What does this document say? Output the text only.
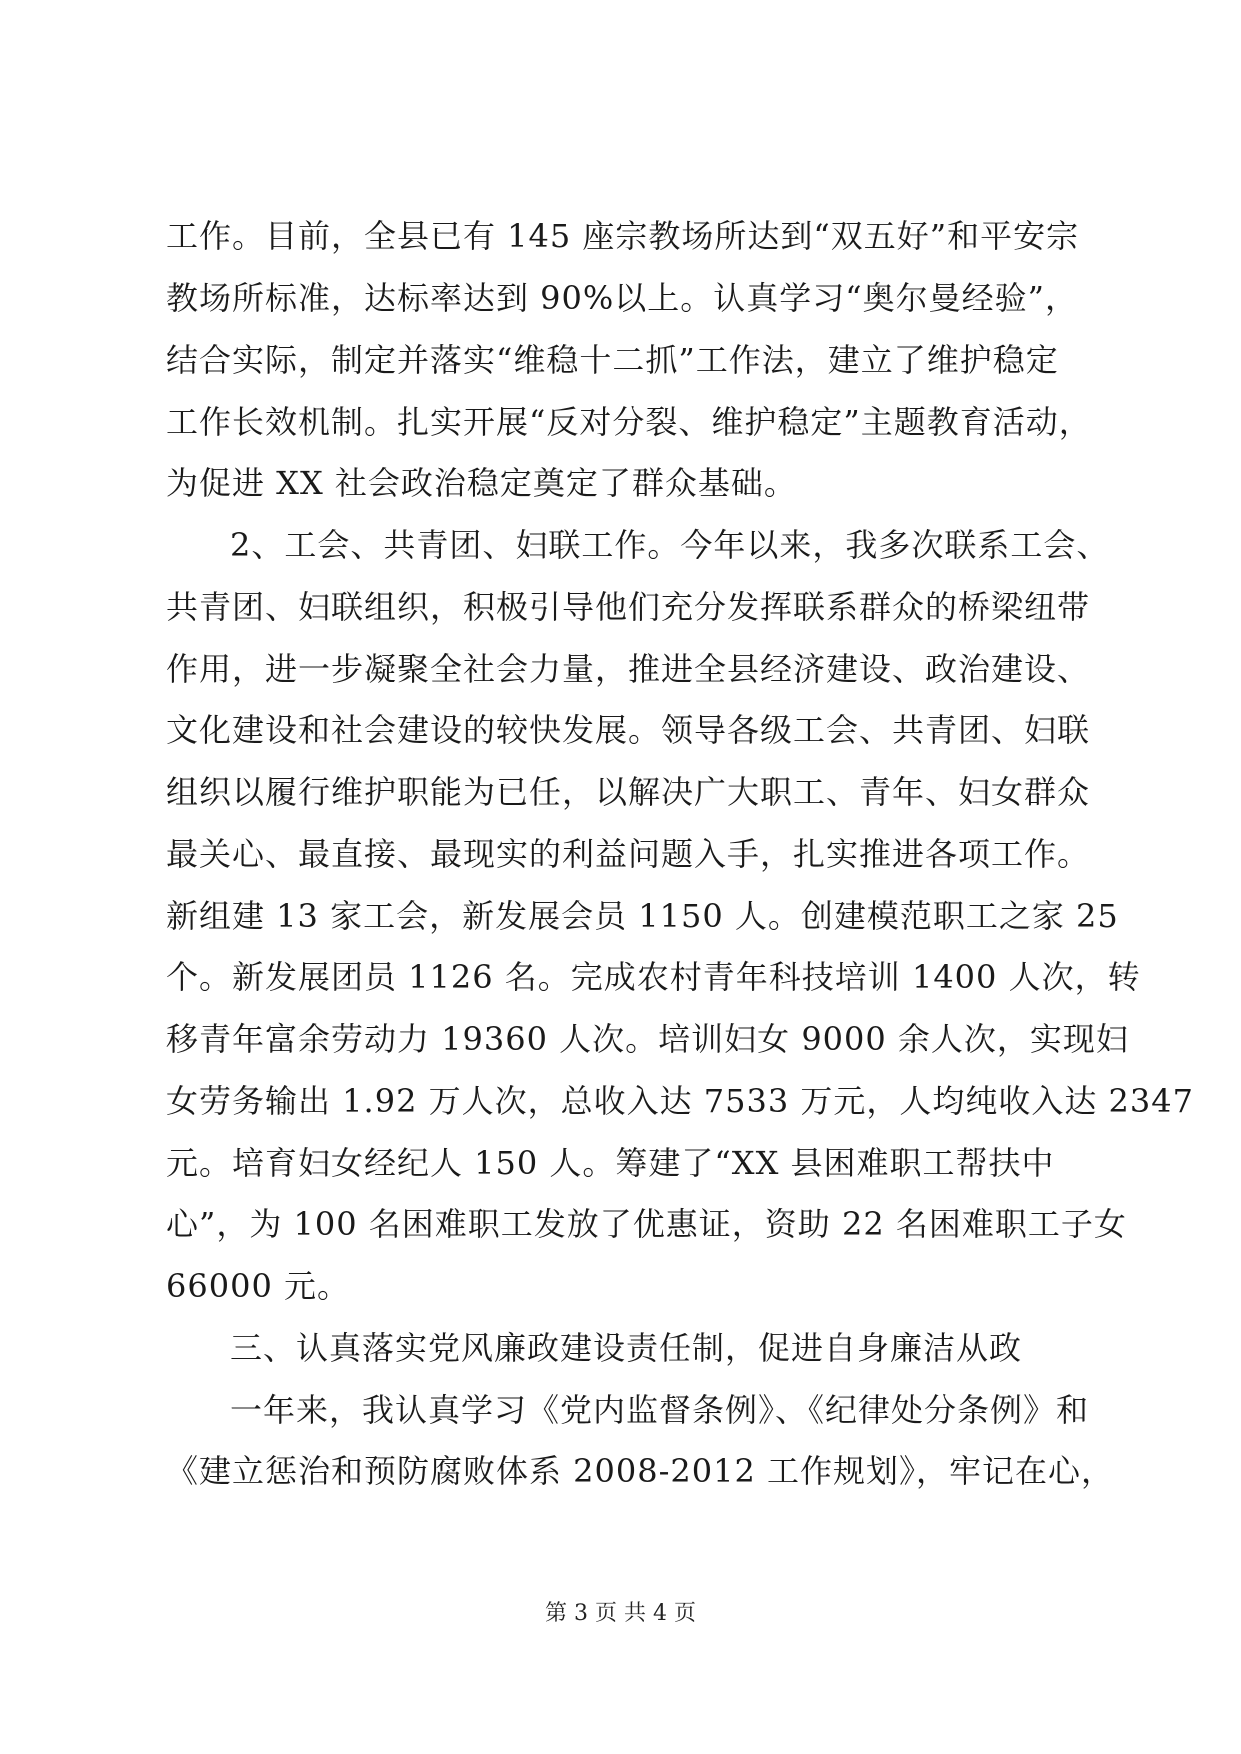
工作。目前，全县已有 145 座宗教场所达到“双五好”和平安宗
教场所标准，达标率达到 90%以上。认真学习“奥尔曼经验”，
结合实际，制定并落实“维稳十二抓”工作法，建立了维护稳定
工作长效机制。扎实开展“反对分裂、维护稳定”主题教育活动，
为促进 XX 社会政治稳定奠定了群众基础。
2、工会、共青团、妇联工作。今年以来，我多次联系工会、
共青团、妇联组织，积极引导他们充分发挥联系群众的桥梁纽带
作用，进一步凝聚全社会力量，推进全县经济建设、政治建设、
文化建设和社会建设的较快发展。领导各级工会、共青团、妇联
组织以履行维护职能为已任，以解决广大职工、青年、妇女群众
最关心、最直接、最现实的利益问题入手，扎实推进各项工作。
新组建 13 家工会，新发展会员 1150 人。创建模范职工之家 25
个。新发展团员 1126 名。完成农村青年科技培训 1400 人次，转
移青年富余劳动力 19360 人次。培训妇女 9000 余人次，实现妇
女劳务输出 1.92 万人次，总收入达 7533 万元，人均纯收入达 2347
元。培育妇女经纪人 150 人。筹建了“XX 县困难职工帮扶中
心”，为 100 名困难职工发放了优惠证，资助 22 名困难职工子女
66000 元。
三、认真落实党风廉政建设责任制，促进自身廉洁从政
一年来，我认真学习《党内监督条例》、《纪律处分条例》和
《建立惩治和预防腐败体系 2008-2012 工作规划》，牢记在心，
第 3 页 共 4 页
